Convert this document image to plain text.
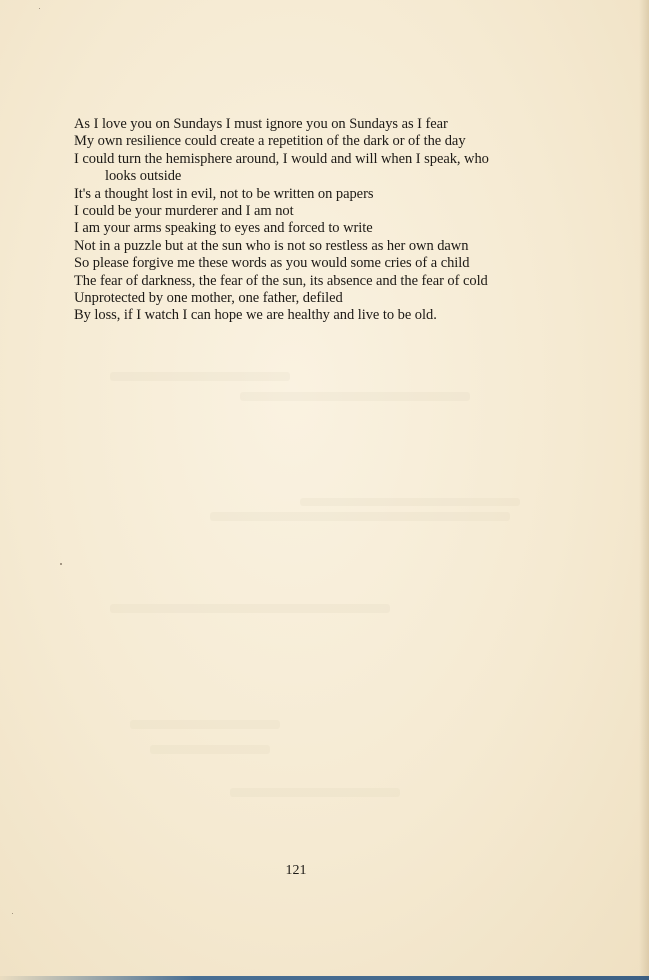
As I love you on Sundays I must ignore you on Sundays as I fear
My own resilience could create a repetition of the dark or of the day
I could turn the hemisphere around, I would and will when I speak, who
looks outside
It's a thought lost in evil, not to be written on papers
I could be your murderer and I am not
I am your arms speaking to eyes and forced to write
Not in a puzzle but at the sun who is not so restless as her own dawn
So please forgive me these words as you would some cries of a child
The fear of darkness, the fear of the sun, its absence and the fear of cold
Unprotected by one mother, one father, defiled
By loss, if I watch I can hope we are healthy and live to be old.
121
